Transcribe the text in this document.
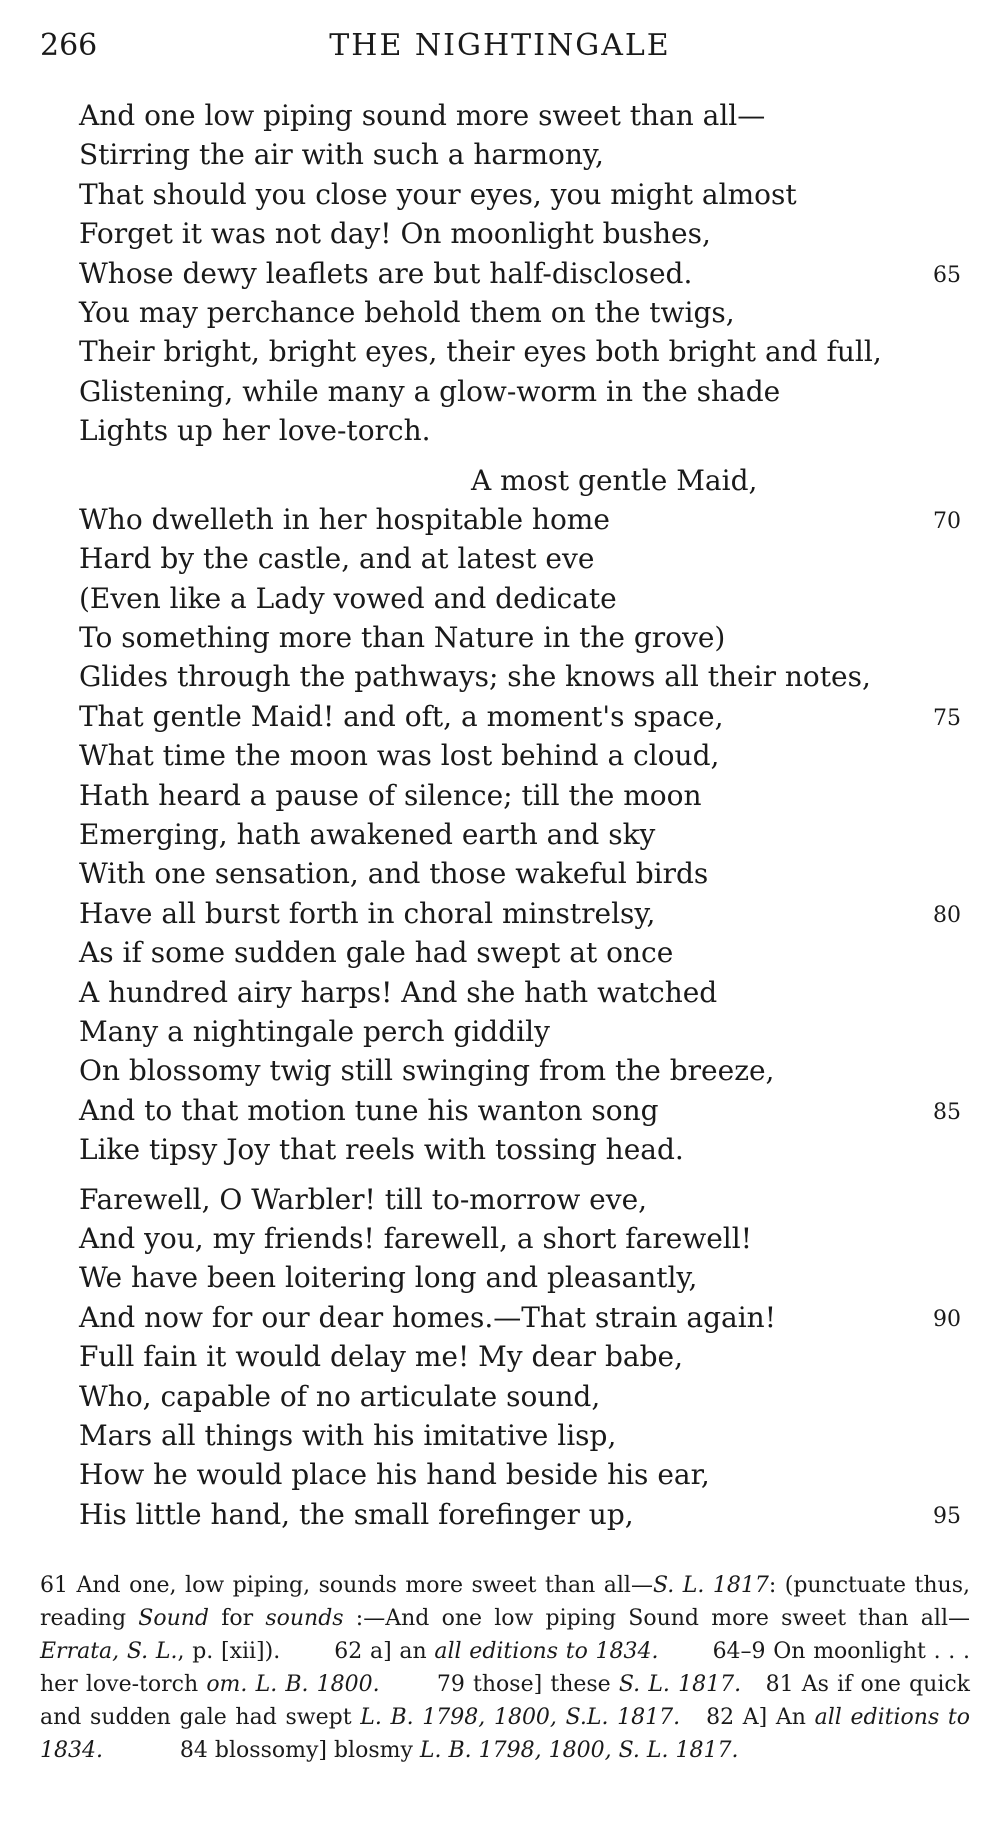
266	THE NIGHTINGALE
And one low piping sound more sweet than all—
Stirring the air with such a harmony,
That should you close your eyes, you might almost
Forget it was not day! On moonlight bushes,
Whose dewy leaflets are but half-disclosed.	65
You may perchance behold them on the twigs,
Their bright, bright eyes, their eyes both bright and full,
Glistening, while many a glow-worm in the shade
Lights up her love-torch.
A most gentle Maid,
Who dwelleth in her hospitable home	70
Hard by the castle, and at latest eve
(Even like a Lady vowed and dedicate
To something more than Nature in the grove)
Glides through the pathways; she knows all their notes,
That gentle Maid! and oft, a moment's space,	75
What time the moon was lost behind a cloud,
Hath heard a pause of silence; till the moon
Emerging, hath awakened earth and sky
With one sensation, and those wakeful birds
Have all burst forth in choral minstrelsy,	80
As if some sudden gale had swept at once
A hundred airy harps! And she hath watched
Many a nightingale perch giddily
On blossomy twig still swinging from the breeze,
And to that motion tune his wanton song	85
Like tipsy Joy that reels with tossing head.
Farewell, O Warbler! till to-morrow eve,
And you, my friends! farewell, a short farewell!
We have been loitering long and pleasantly,
And now for our dear homes.—That strain again!	90
Full fain it would delay me! My dear babe,
Who, capable of no articulate sound,
Mars all things with his imitative lisp,
How he would place his hand beside his ear,
His little hand, the small forefinger up,	95

61 And one, low piping, sounds more sweet than all—S. L. 1817: (punctuate thus, reading Sound for sounds :—And one low piping Sound more sweet than all—Errata, S. L., p. [xii]). 62 a] an all editions to 1834. 64–9 On moonlight . . . her love-torch om. L. B. 1800.	79 those] these S. L. 1817. 81 As if one quick and sudden gale had swept L. B. 1798, 1800, S.L. 1817. 82 A] An all editions to 1834.	84 blossomy] blosmy L. B. 1798, 1800, S. L. 1817.
